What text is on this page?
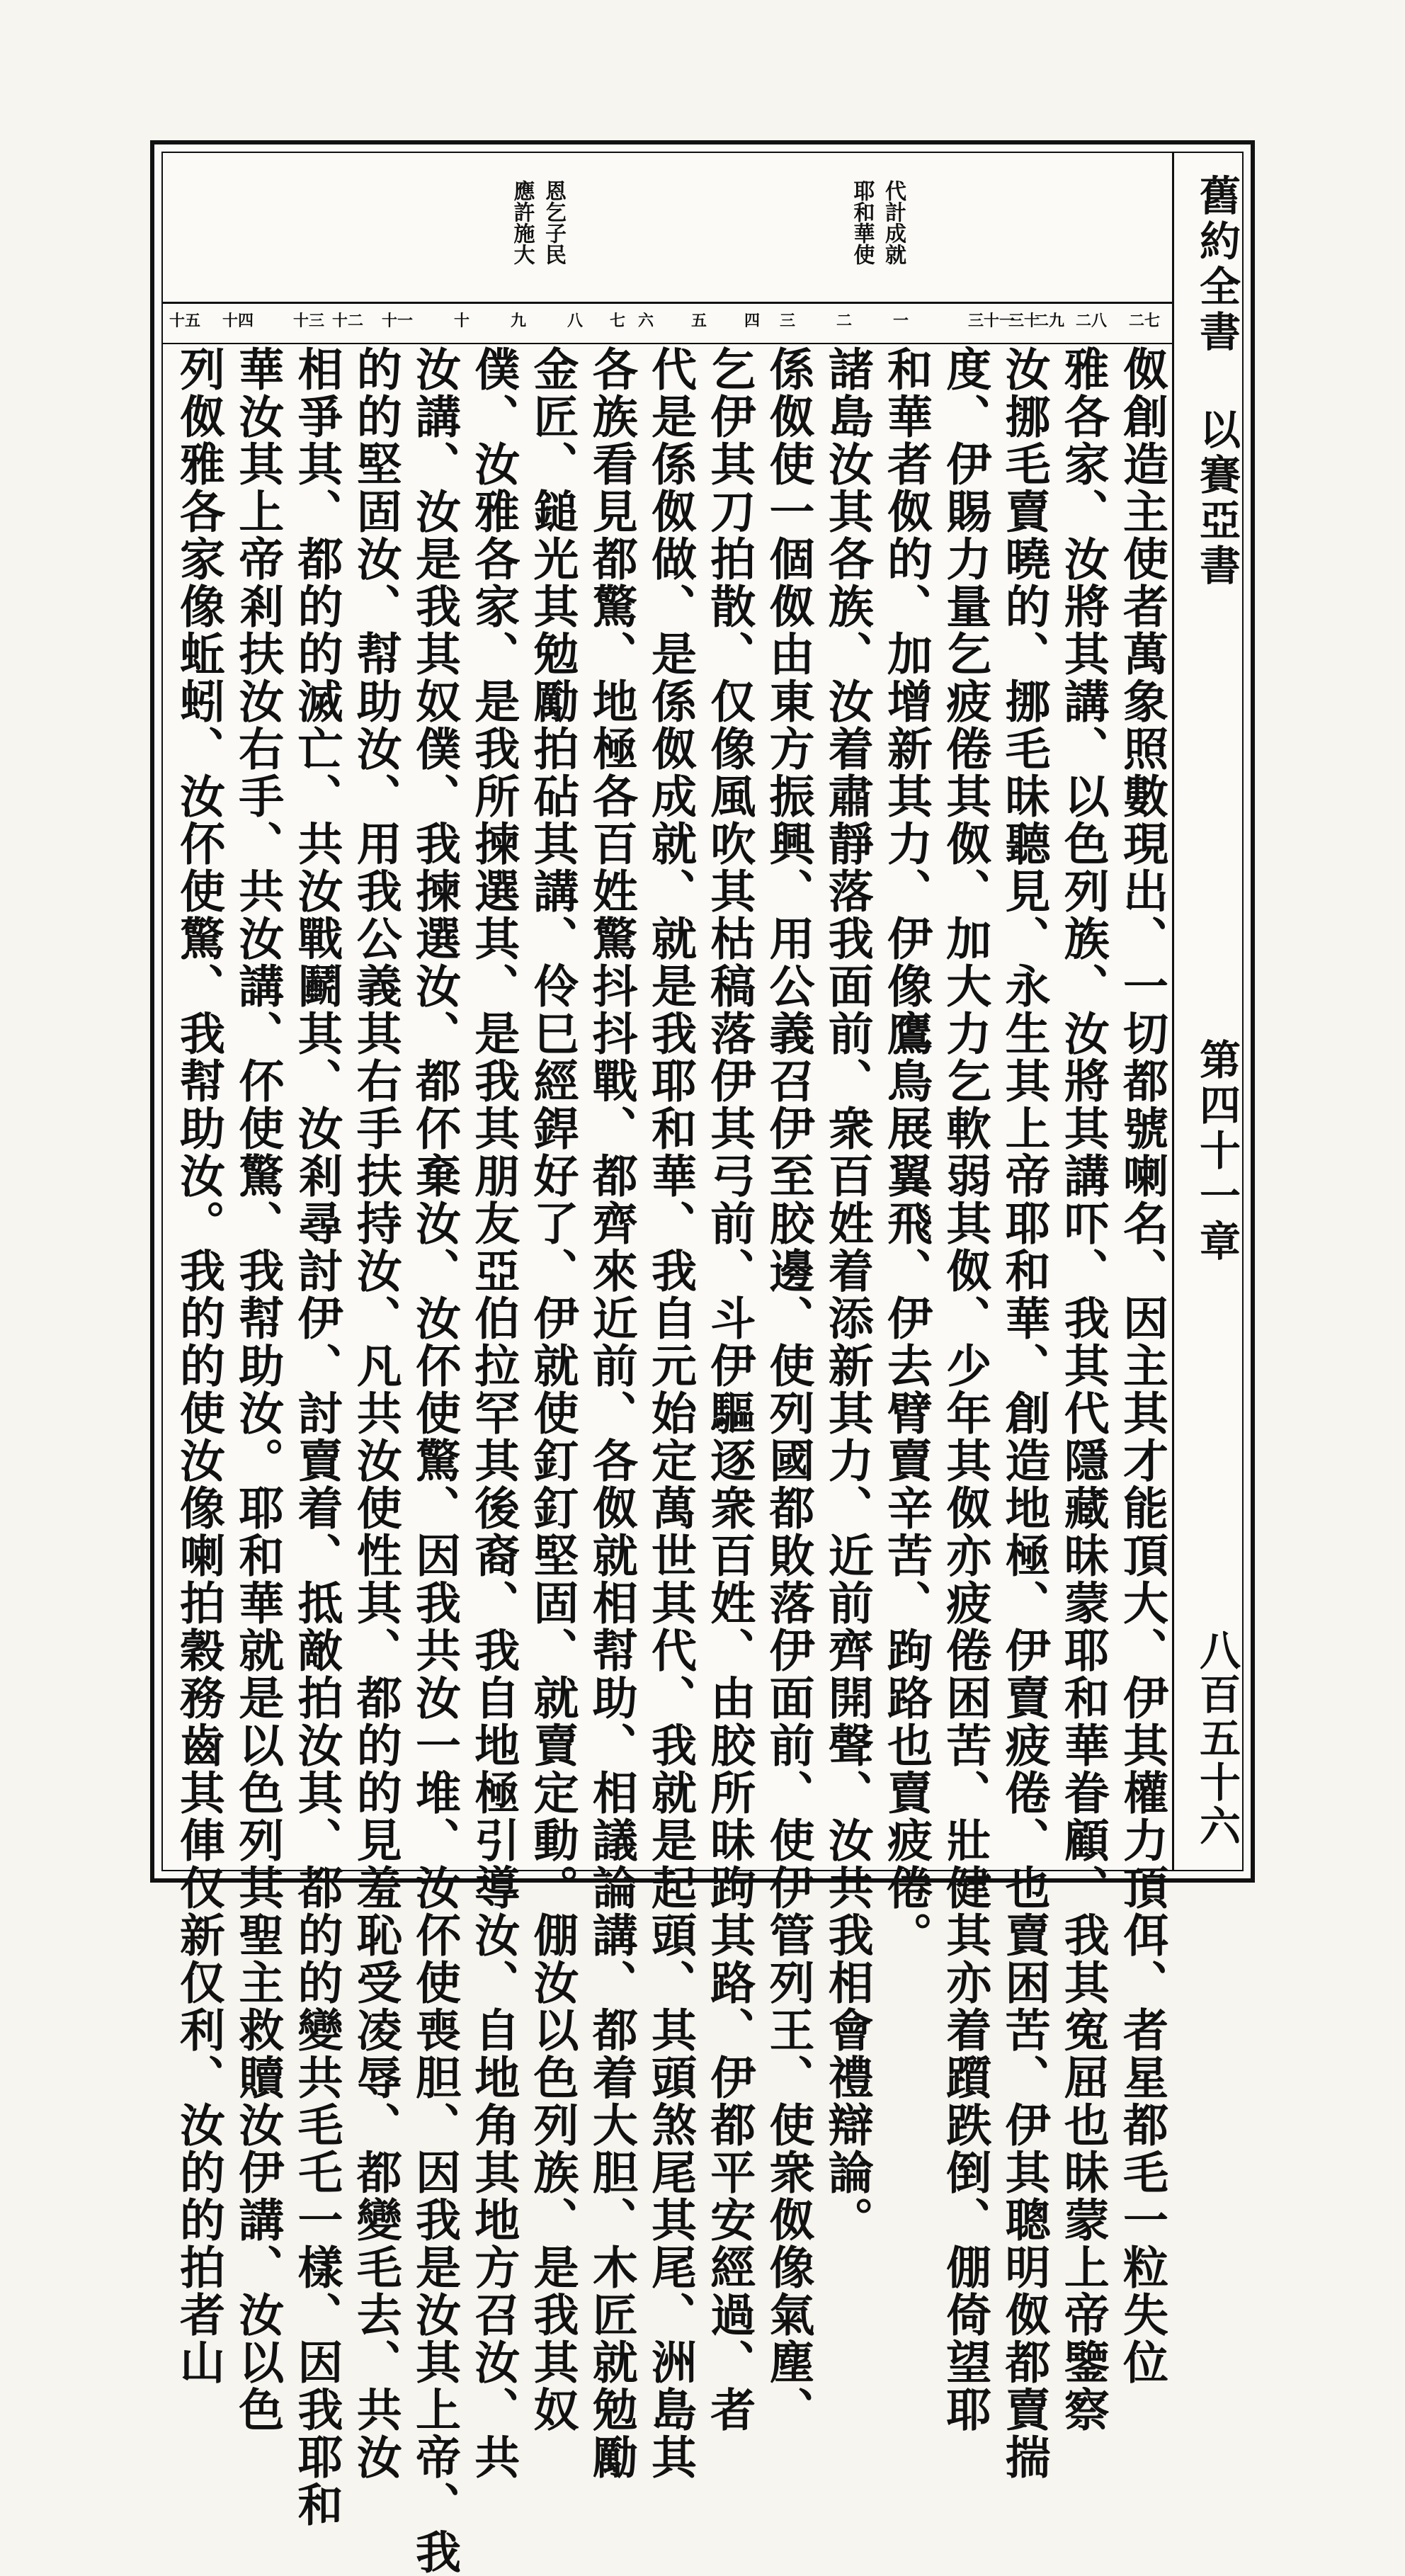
舊約全書 以賽亞書
第四十一章
八百五十六
耶和華使 代計成就
應許施大 恩乞子民
二七
二八
二九
三十
三十一
一
二
三
四
五
六
七
八
九
十
十一
十二
十三
十四
十五
伮創造主使者萬象照數現出、一切都號喇名、因主其才能頂大、伊其權力頂佴、者星都毛一粒失位
雅各家、汝將其講、以色列族、汝將其講吓、我其代隱藏昧蒙耶和華眷顧、我其寃屈也昧蒙上帝鑒察
汝挪毛賣曉的、挪毛昧聽見、永生其上帝耶和華、創造地極、伊賣疲倦、也賣困苦、伊其聰明伮都賣揣
度、伊賜力量乞疲倦其伮、加大力乞軟弱其伮、少年其伮亦疲倦困苦、壯健其亦着躓跌倒、倗倚望耶
和華者伮的、加增新其力、伊像鷹鳥展翼飛、伊去臂賣辛苦、跔路也賣疲倦。
諸島汝其各族、汝着肅靜落我面前、衆百姓着添新其力、近前齊開聲、汝共我相會禮辯論。
係伮使一個伮由東方振興、用公義召伊至胶邊、使列國都敗落伊面前、使伊管列王、使衆伮像氣塵、
乞伊其刀拍散、仅像風吹其枯稿落伊其弓前、斗伊驅逐衆百姓、由胶所昧跔其路、伊都平安經過、者
代是係伮做、是係伮成就、就是我耶和華、我自元始定萬世其代、我就是起頭、其頭煞尾其尾、洲島其
各族看見都驚、地極各百姓驚抖抖戰、都齊來近前、各伮就相幇助、相議論講、都着大胆、木匠就勉勵
金匠、鎚光其勉勵拍砧其講、伶巳經銲好了、伊就使釘釘堅固、就賣定動。倗汝以色列族、是我其奴
僕、汝雅各家、是我所揀選其、是我其朋友亞伯拉罕其後裔、我自地極引導汝、自地角其地方召汝、共
汝講、汝是我其奴僕、我揀選汝、都伓棄汝、汝伓使驚、因我共汝一堆、汝伓使喪胆、因我是汝其上帝、我
的的堅固汝、幇助汝、用我公義其右手扶持汝、凡共汝使性其、都的的見羞恥受凌辱、都變毛去、共汝
相爭其、都的的滅亡、共汝戰鬬其、汝剎尋討伊、討賣着、抵敵拍汝其、都的的變共毛乇一樣、因我耶和
華汝其上帝剎扶汝右手、共汝講、伓使驚、我幇助汝。耶和華就是以色列其聖主救贖汝伊講、汝以色
列伮雅各家像蚯蚓、汝伓使驚、我幇助汝。我的的使汝像喇拍穀務齒其俥仅新仅利、汝的的拍者山
